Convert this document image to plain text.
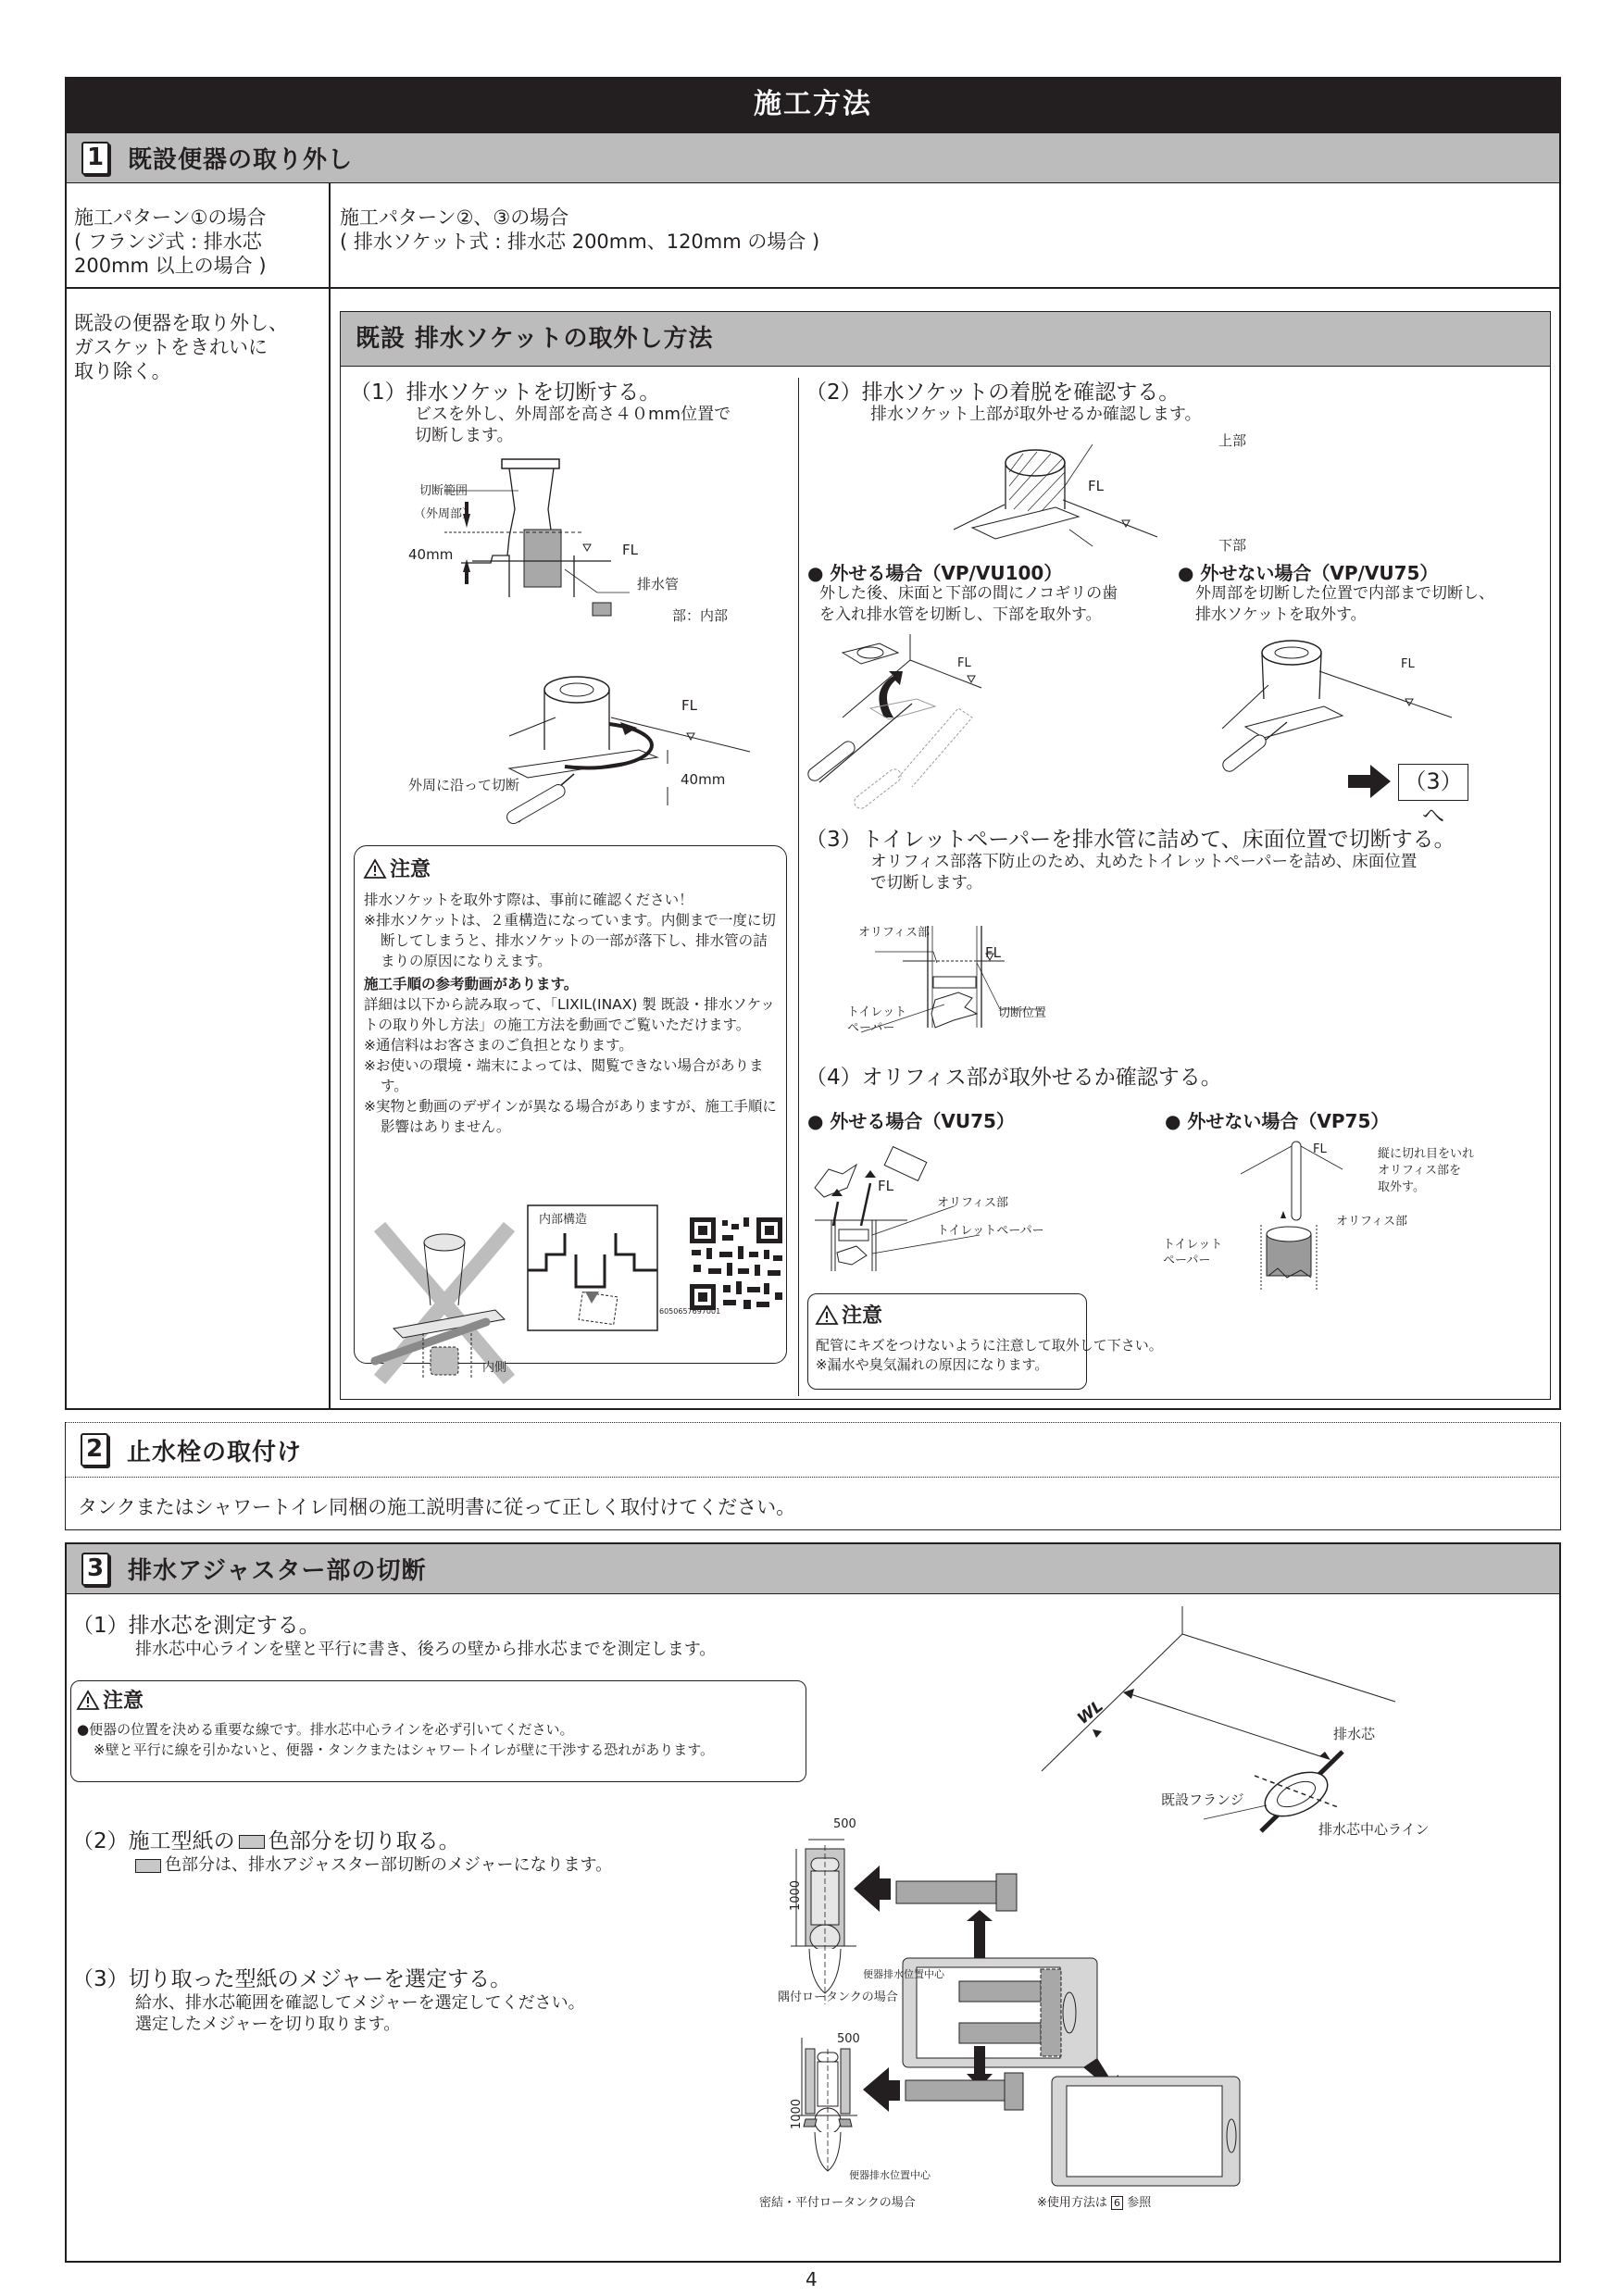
施工方法
1 既設便器の取り外し
施工パターン①の場合
( フランジ式 : 排水芯
200mm 以上の場合 )
施工パターン②、③の場合
( 排水ソケット式 : 排水芯 200mm、120mm の場合 )
既設の便器を取り外し、
ガスケットをきれいに
取り除く。
既設 排水ソケットの取外し方法
（1）排水ソケットを切断する。
ビスを外し、外周部を高さ４０mm位置で
切断します。
切断範囲
（外周部）
40mm	FL
排水管
部：内部
FL
40mm
外周に沿って切断
注意
排水ソケットを取外す際は、事前に確認ください！
※排水ソケットは、２重構造になっています。内側まで一度に切断してしまうと、排水ソケットの一部が落下し、排水管の詰まりの原因になりえます。
施工手順の参考動画があります。
詳細は以下から読み取って、「LIXIL(INAX) 製 既設・排水ソケットの取り外し方法」の施工方法を動画でご覧いただけます。
※通信料はお客さまのご負担となります。
※お使いの環境・端末によっては、閲覧できない場合があります。
※実物と動画のデザインが異なる場合がありますが、施工手順に影響はありません。
内部構造
内側
60506576970​01
（2）排水ソケットの着脱を確認する。
排水ソケット上部が取外せるか確認します。
上部
FL
下部
● 外せる場合（VP/VU100）
外した後、床面と下部の間にノコギリの歯
を入れ排水管を切断し、下部を取外す。
● 外せない場合（VP/VU75）
外周部を切断した位置で内部まで切断し、
排水ソケットを取外す。
FL	FL
（3）へ
（3）トイレットペーパーを排水管に詰めて、床面位置で切断する。
オリフィス部落下防止のため、丸めたトイレットペーパーを詰め、床面位置
で切断します。
オリフィス部
FL
トイレット
ペーパー
切断位置
（4）オリフィス部が取外せるか確認する。
● 外せる場合（VU75）	● 外せない場合（VP75）
FL
オリフィス部
トイレットペーパー
FL	縦に切れ目をいれ
オリフィス部を
取外す。
オリフィス部
トイレット
ペーパー
注意
配管にキズをつけないように注意して取外して下さい。
※漏水や臭気漏れの原因になります。
2 止水栓の取付け
タンクまたはシャワートイレ同梱の施工説明書に従って正しく取付けてください。
3 排水アジャスター部の切断
（1）排水芯を測定する。
排水芯中心ラインを壁と平行に書き、後ろの壁から排水芯までを測定します。
注意
●便器の位置を決める重要な線です。排水芯中心ラインを必ず引いてください。
※壁と平行に線を引かないと、便器・タンクまたはシャワートイレが壁に干渉する恐れがあります。
（2）施工型紙の 色部分を切り取る。
色部分は、排水アジャスター部切断のメジャーになります。
（3）切り取った型紙のメジャーを選定する。
給水、排水芯範囲を確認してメジャーを選定してください。
選定したメジャーを切り取ります。
WL
排水芯
既設フランジ
排水芯中心ライン
500
1000
便器排水位置中心
隅付ロータンクの場合
500
1000
便器排水位置中心
密結・平付ロータンクの場合	※使用方法は 6 参照
4
